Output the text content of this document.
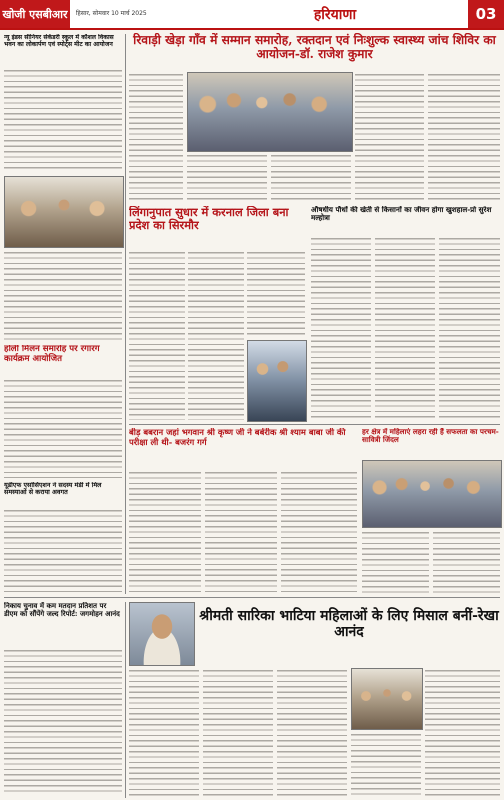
खोजी एसबीआर	हिसार, सोमवार 10 मार्च 2025	हरियाणा	03
न्यू इंडस सीनियर सेकेंडरी स्कूल में कौशल विकास भवन का लोकार्पण एवं स्पोर्ट्स मीट का आयोजन
होली मिलन समारोह पर रंगारंग कार्यक्रम आयोजित
यूडीएफ एसोसिएशन ने सदस्य मंडी में मिल समस्याओं से कराया अवगत
रिवाड़ी खेड़ा गाँव में सम्मान समारोह, रक्तदान एवं निःशुल्क स्वास्थ्य जांच शिविर का आयोजन-डॉ. राजेश कुमार
लिंगानुपात सुधार में करनाल जिला बना प्रदेश का सिरमौर
औषधीय पौधों की खेती से किसानों का जीवन होगा खुशहाल-प्रो सुरेश मल्होत्रा
बीड़ बबरान जहां भगवान श्री कृष्ण जी ने बर्बरीक श्री श्याम बाबा जी की परीक्षा ली थी- बजरंग गर्ग
हर क्षेत्र में महिलाएं लहरा रही हैं सफलता का परचम-सावित्री जिंदल
निकाय चुनाव में कम मतदान प्रतिशत पर डीएम को सौंपेंगे जल्द रिपोर्ट: जगमोहन आनंद	श्रीमती सारिका भाटिया महिलाओं के लिए मिसाल बनीं-रेखा आनंद
